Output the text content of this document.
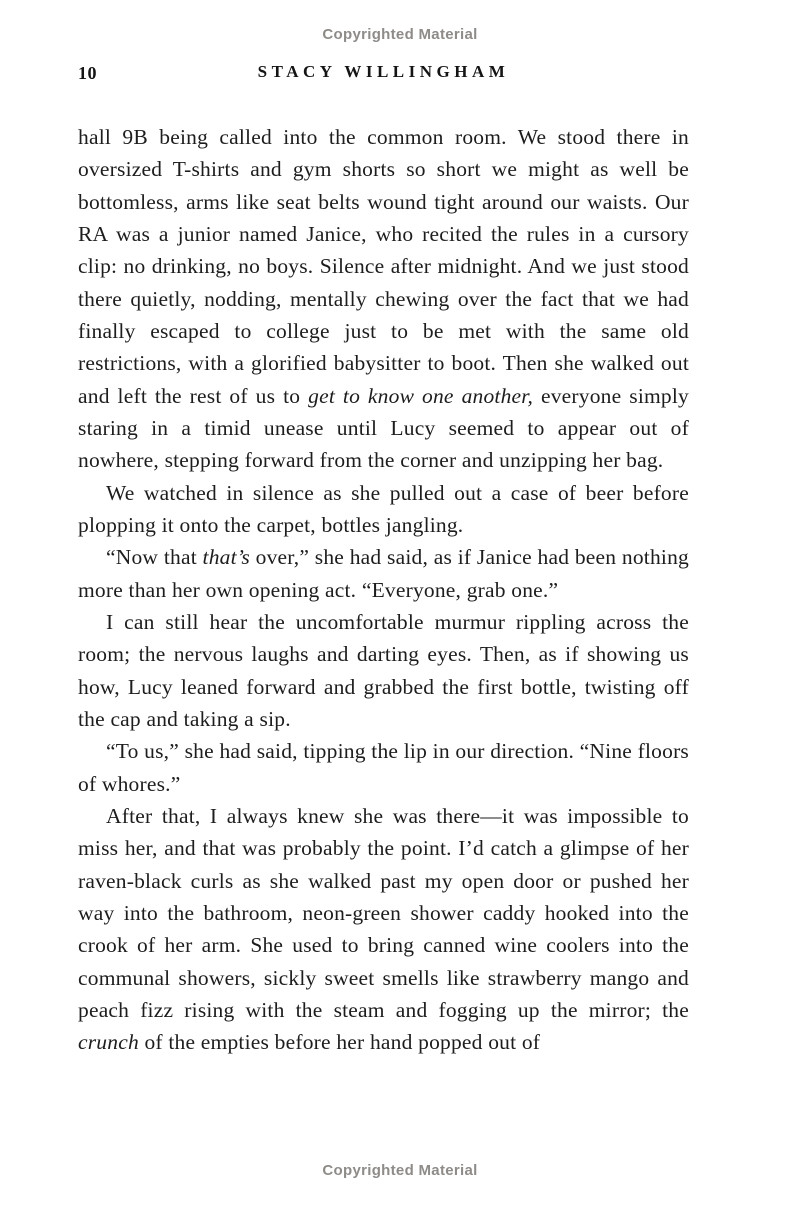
Copyrighted Material
10	STACY WILLINGHAM

hall 9B being called into the common room. We stood there in oversized T-shirts and gym shorts so short we might as well be bottomless, arms like seat belts wound tight around our waists. Our RA was a junior named Janice, who recited the rules in a cursory clip: no drinking, no boys. Silence after midnight. And we just stood there quietly, nodding, mentally chewing over the fact that we had finally escaped to college just to be met with the same old restrictions, with a glorified babysitter to boot. Then she walked out and left the rest of us to get to know one another, everyone simply staring in a timid unease until Lucy seemed to appear out of nowhere, stepping forward from the corner and unzipping her bag.

We watched in silence as she pulled out a case of beer before plopping it onto the carpet, bottles jangling.

“Now that that’s over,” she had said, as if Janice had been nothing more than her own opening act. “Everyone, grab one.”

I can still hear the uncomfortable murmur rippling across the room; the nervous laughs and darting eyes. Then, as if showing us how, Lucy leaned forward and grabbed the first bottle, twisting off the cap and taking a sip.

“To us,” she had said, tipping the lip in our direction. “Nine floors of whores.”

After that, I always knew she was there—it was impossible to miss her, and that was probably the point. I’d catch a glimpse of her raven-black curls as she walked past my open door or pushed her way into the bathroom, neon-green shower caddy hooked into the crook of her arm. She used to bring canned wine coolers into the communal showers, sickly sweet smells like strawberry mango and peach fizz rising with the steam and fogging up the mirror; the crunch of the empties before her hand popped out of

Copyrighted Material
